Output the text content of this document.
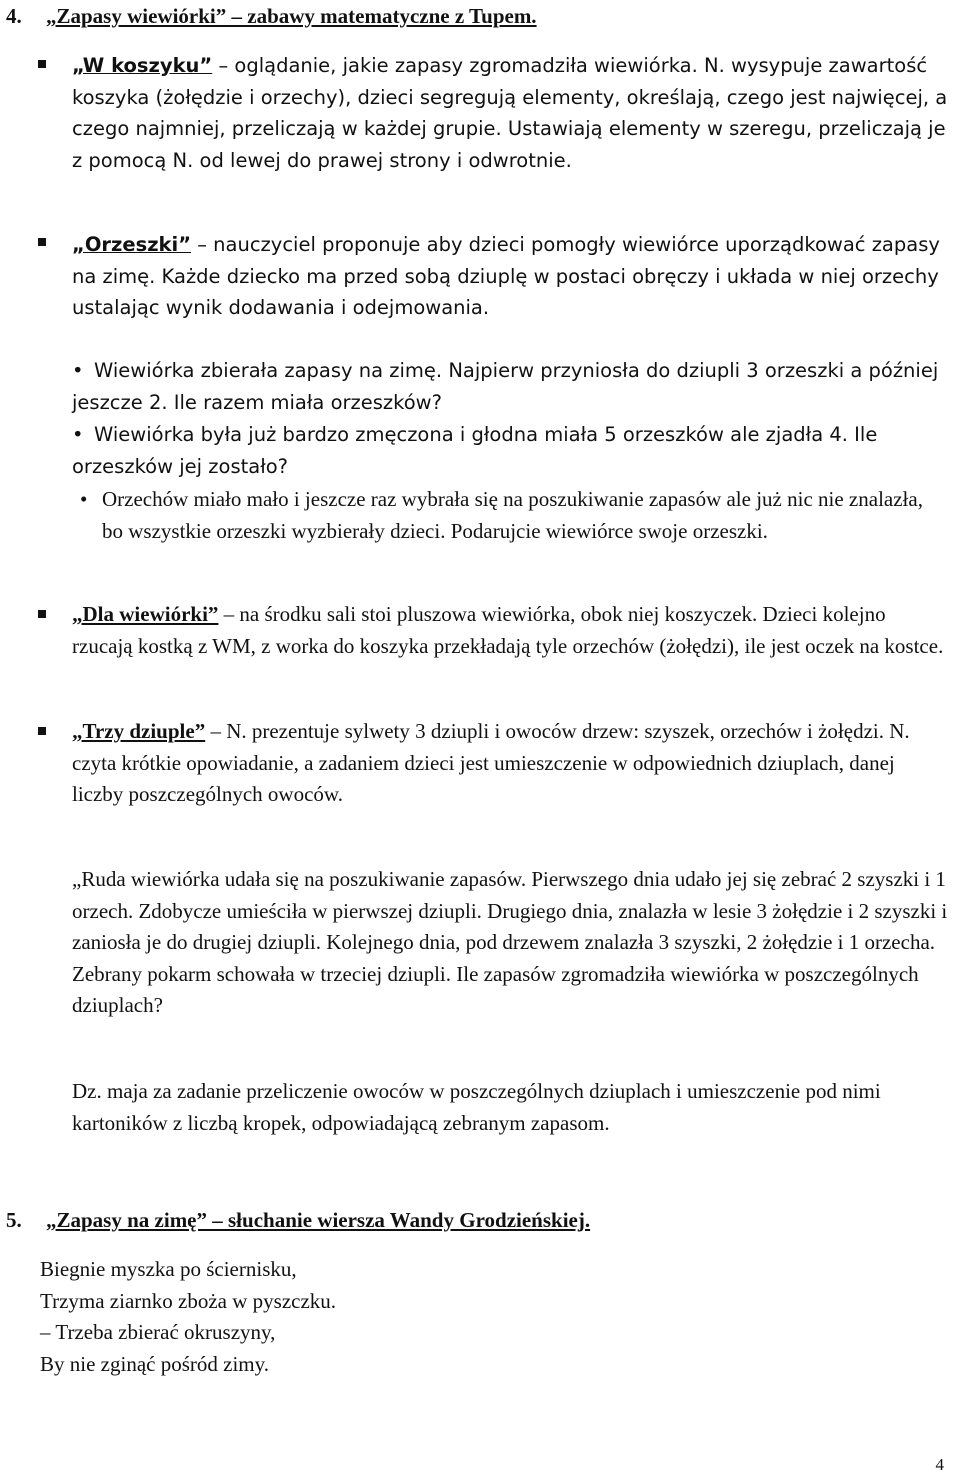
4. „Zapasy wiewiórki” – zabawy matematyczne z Tupem.
„W koszyku” – oglądanie, jakie zapasy zgromadziła wiewiórka. N. wysypuje zawartość koszyka (żołędzie i orzechy), dzieci segregują elementy, określają, czego jest najwięcej, a czego najmniej, przeliczają w każdej grupie. Ustawiają elementy w szeregu, przeliczają je z pomocą N. od lewej do prawej strony i odwrotnie.
„Orzeszki” – nauczyciel proponuje aby dzieci pomogły wiewiórce uporządkować zapasy na zimę. Każde dziecko ma przed sobą dziuplę w postaci obręczy i układa w niej orzechy ustalając wynik dodawania i odejmowania.
• Wiewiórka zbierała zapasy na zimę. Najpierw przyniosła do dziupli 3 orzeszki a później jeszcze 2. Ile razem miała orzeszków?
• Wiewiórka była już bardzo zmęczona i głodna miała 5 orzeszków ale zjadła 4. Ile orzeszków jej zostało?
• Orzechów miało mało i jeszcze raz wybrała się na poszukiwanie zapasów ale już nic nie znalazła, bo wszystkie orzeszki wyzbierały dzieci. Podarujcie wiewiórce swoje orzeszki.
„Dla wiewiórki” – na środku sali stoi pluszowa wiewiórka, obok niej koszyczek. Dzieci kolejno rzucają kostką z WM, z worka do koszyka przekładają tyle orzechów (żołędzi), ile jest oczek na kostce.
„Trzy dziuple” – N. prezentuje sylwety 3 dziupli i owoców drzew: szyszek, orzechów i żołędzi. N. czyta krótkie opowiadanie, a zadaniem dzieci jest umieszczenie w odpowiednich dziuplach, danej liczby poszczególnych owoców.
„Ruda wiewiórka udała się na poszukiwanie zapasów. Pierwszego dnia udało jej się zebrać 2 szyszki i 1 orzech. Zdobycze umieściła w pierwszej dziupli. Drugiego dnia, znalazła w lesie 3 żołędzie i 2 szyszki i zaniosła je do drugiej dziupli. Kolejnego dnia, pod drzewem znalazła 3 szyszki, 2 żołędzie i 1 orzecha. Zebrany pokarm schowała w trzeciej dziupli. Ile zapasów zgromadziła wiewiórka w poszczególnych dziuplach?
Dz. maja za zadanie przeliczenie owoców w poszczególnych dziuplach i umieszczenie pod nimi kartoników z liczbą kropek, odpowiadającą zebranym zapasom.
5. „Zapasy na zimę” – słuchanie wiersza Wandy Grodzieńskiej.
Biegnie myszka po ściernisku,
Trzyma ziarnko zboża w pyszczku.
– Trzeba zbierać okruszyny,
By nie zginąć pośród zimy.
4
